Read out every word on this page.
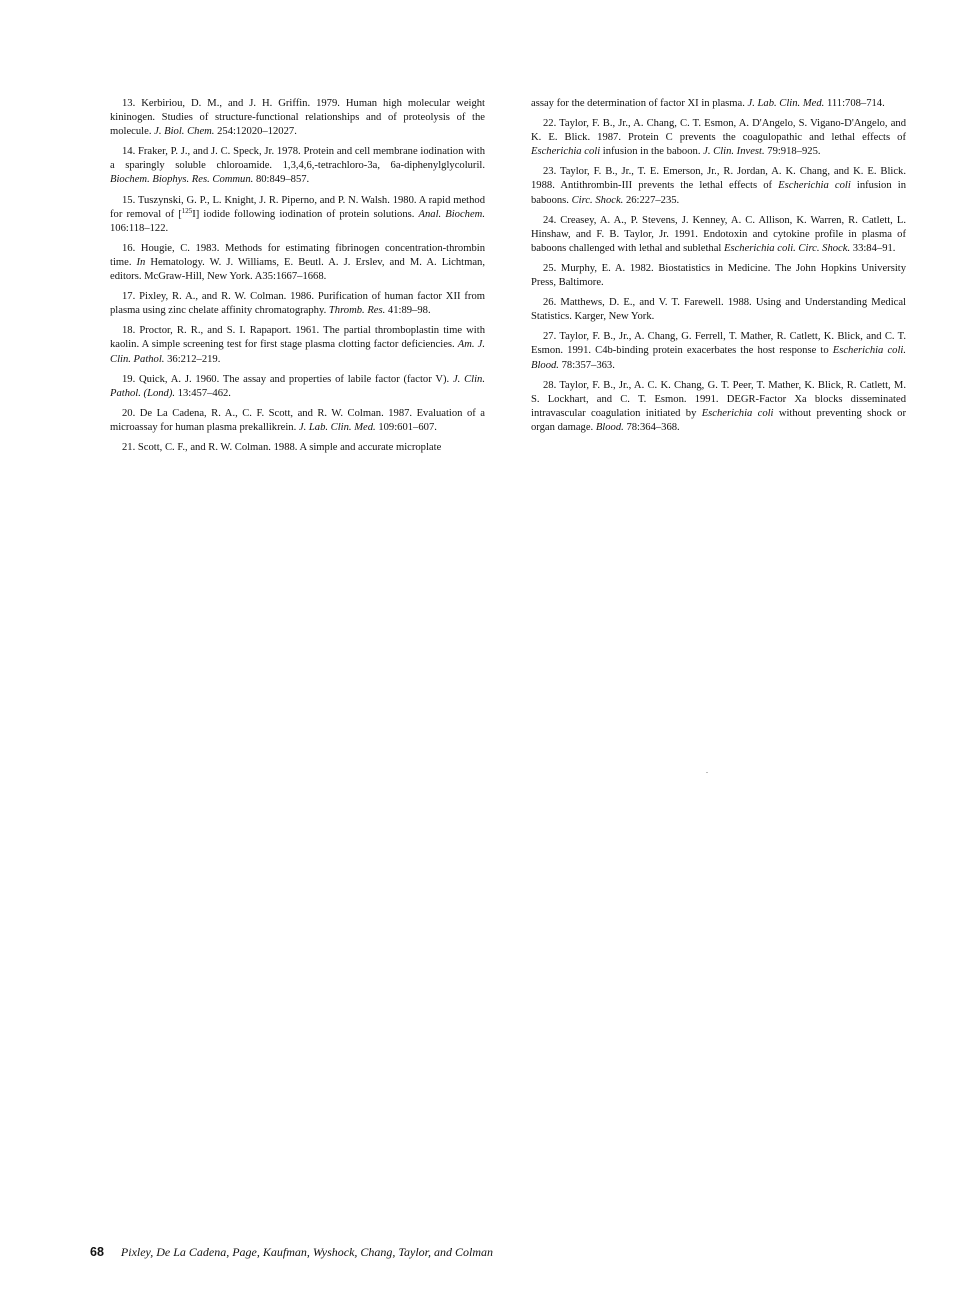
13. Kerbiriou, D. M., and J. H. Griffin. 1979. Human high molecular weight kininogen. Studies of structure-functional relationships and of proteolysis of the molecule. J. Biol. Chem. 254:12020–12027.

14. Fraker, P. J., and J. C. Speck, Jr. 1978. Protein and cell membrane iodination with a sparingly soluble chloroamide. 1,3,4,6,-tetrachloro-3a, 6a-diphenylglycoluril. Biochem. Biophys. Res. Commun. 80:849–857.

15. Tuszynski, G. P., L. Knight, J. R. Piperno, and P. N. Walsh. 1980. A rapid method for removal of [$^{125}$I] iodide following iodination of protein solutions. Anal. Biochem. 106:118–122.

16. Hougie, C. 1983. Methods for estimating fibrinogen concentration-thrombin time. In Hematology. W. J. Williams, E. Beutl. A. J. Erslev, and M. A. Lichtman, editors. McGraw-Hill, New York. A35:1667–1668.

17. Pixley, R. A., and R. W. Colman. 1986. Purification of human factor XII from plasma using zinc chelate affinity chromatography. Thromb. Res. 41:89–98.

18. Proctor, R. R., and S. I. Rapaport. 1961. The partial thromboplastin time with kaolin. A simple screening test for first stage plasma clotting factor deficiencies. Am. J. Clin. Pathol. 36:212–219.

19. Quick, A. J. 1960. The assay and properties of labile factor (factor V). J. Clin. Pathol. (Lond). 13:457–462.

20. De La Cadena, R. A., C. F. Scott, and R. W. Colman. 1987. Evaluation of a microassay for human plasma prekallikrein. J. Lab. Clin. Med. 109:601–607.

21. Scott, C. F., and R. W. Colman. 1988. A simple and accurate microplate

assay for the determination of factor XI in plasma. J. Lab. Clin. Med. 111:708–714.

22. Taylor, F. B., Jr., A. Chang, C. T. Esmon, A. D'Angelo, S. Vigano-D'Angelo, and K. E. Blick. 1987. Protein C prevents the coagulopathic and lethal effects of Escherichia coli infusion in the baboon. J. Clin. Invest. 79:918–925.

23. Taylor, F. B., Jr., T. E. Emerson, Jr., R. Jordan, A. K. Chang, and K. E. Blick. 1988. Antithrombin-III prevents the lethal effects of Escherichia coli infusion in baboons. Circ. Shock. 26:227–235.

24. Creasey, A. A., P. Stevens, J. Kenney, A. C. Allison, K. Warren, R. Catlett, L. Hinshaw, and F. B. Taylor, Jr. 1991. Endotoxin and cytokine profile in plasma of baboons challenged with lethal and sublethal Escherichia coli. Circ. Shock. 33:84–91.

25. Murphy, E. A. 1982. Biostatistics in Medicine. The John Hopkins University Press, Baltimore.

26. Matthews, D. E., and V. T. Farewell. 1988. Using and Understanding Medical Statistics. Karger, New York.

27. Taylor, F. B., Jr., A. Chang, G. Ferrell, T. Mather, R. Catlett, K. Blick, and C. T. Esmon. 1991. C4b-binding protein exacerbates the host response to Escherichia coli. Blood. 78:357–363.

28. Taylor, F. B., Jr., A. C. K. Chang, G. T. Peer, T. Mather, K. Blick, R. Catlett, M. S. Lockhart, and C. T. Esmon. 1991. DEGR-Factor Xa blocks disseminated intravascular coagulation initiated by Escherichia coli without preventing shock or organ damage. Blood. 78:364–368.

68 Pixley, De La Cadena, Page, Kaufman, Wyshock, Chang, Taylor, and Colman
